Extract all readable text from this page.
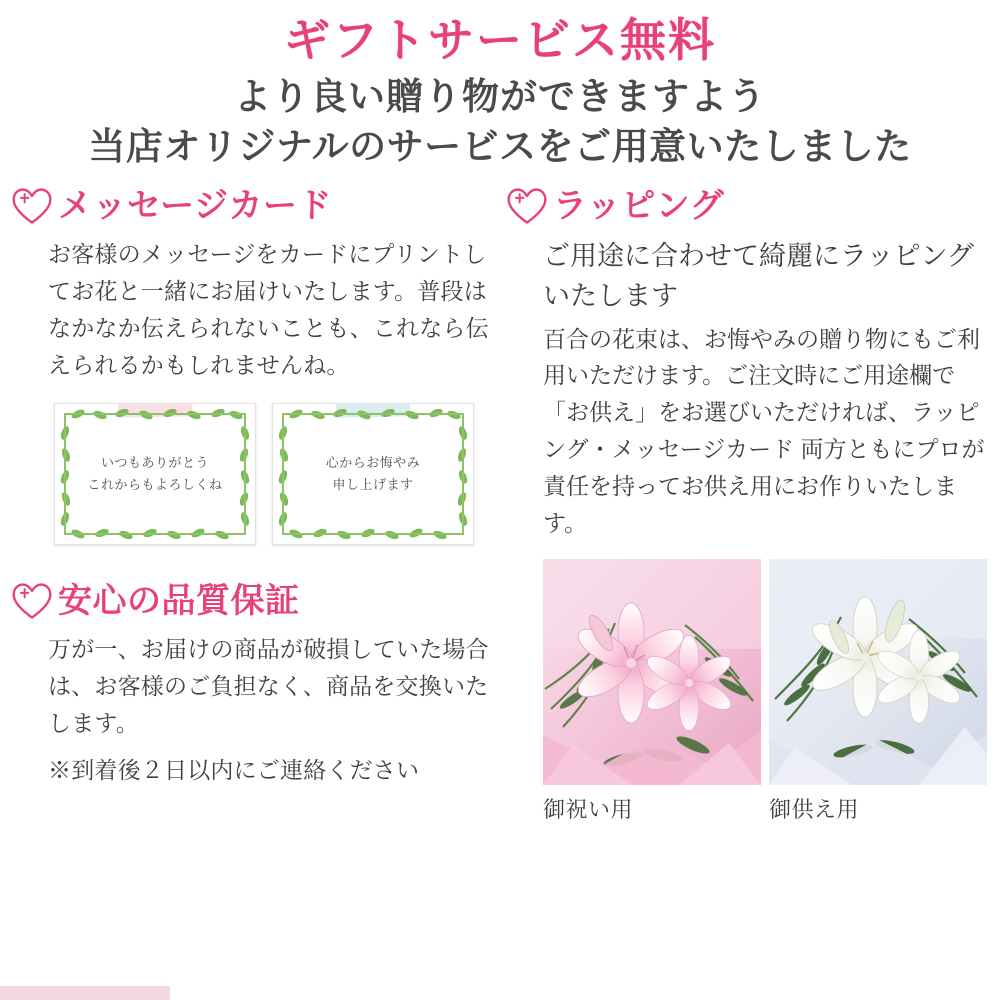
ギフトサービス無料
より良い贈り物ができますよう
当店オリジナルのサービスをご用意いたしました
メッセージカード
お客様のメッセージをカードにプリントしてお花と一緒にお届けいたします。普段はなかなか伝えられないことも、これなら伝えられるかもしれませんね。
いつもありがとう
これからもよろしくね
心からお悔やみ
申し上げます
安心の品質保証
万が一、お届けの商品が破損していた場合は、お客様のご負担なく、商品を交換いたします。
※到着後２日以内にご連絡ください
ラッピング
ご用途に合わせて綺麗にラッピングいたします
百合の花束は、お悔やみの贈り物にもご利用いただけます。ご注文時にご用途欄で「お供え」をお選びいただければ、ラッピング・メッセージカード 両方ともにプロが責任を持ってお供え用にお作りいたします。
御祝い用	御供え用
